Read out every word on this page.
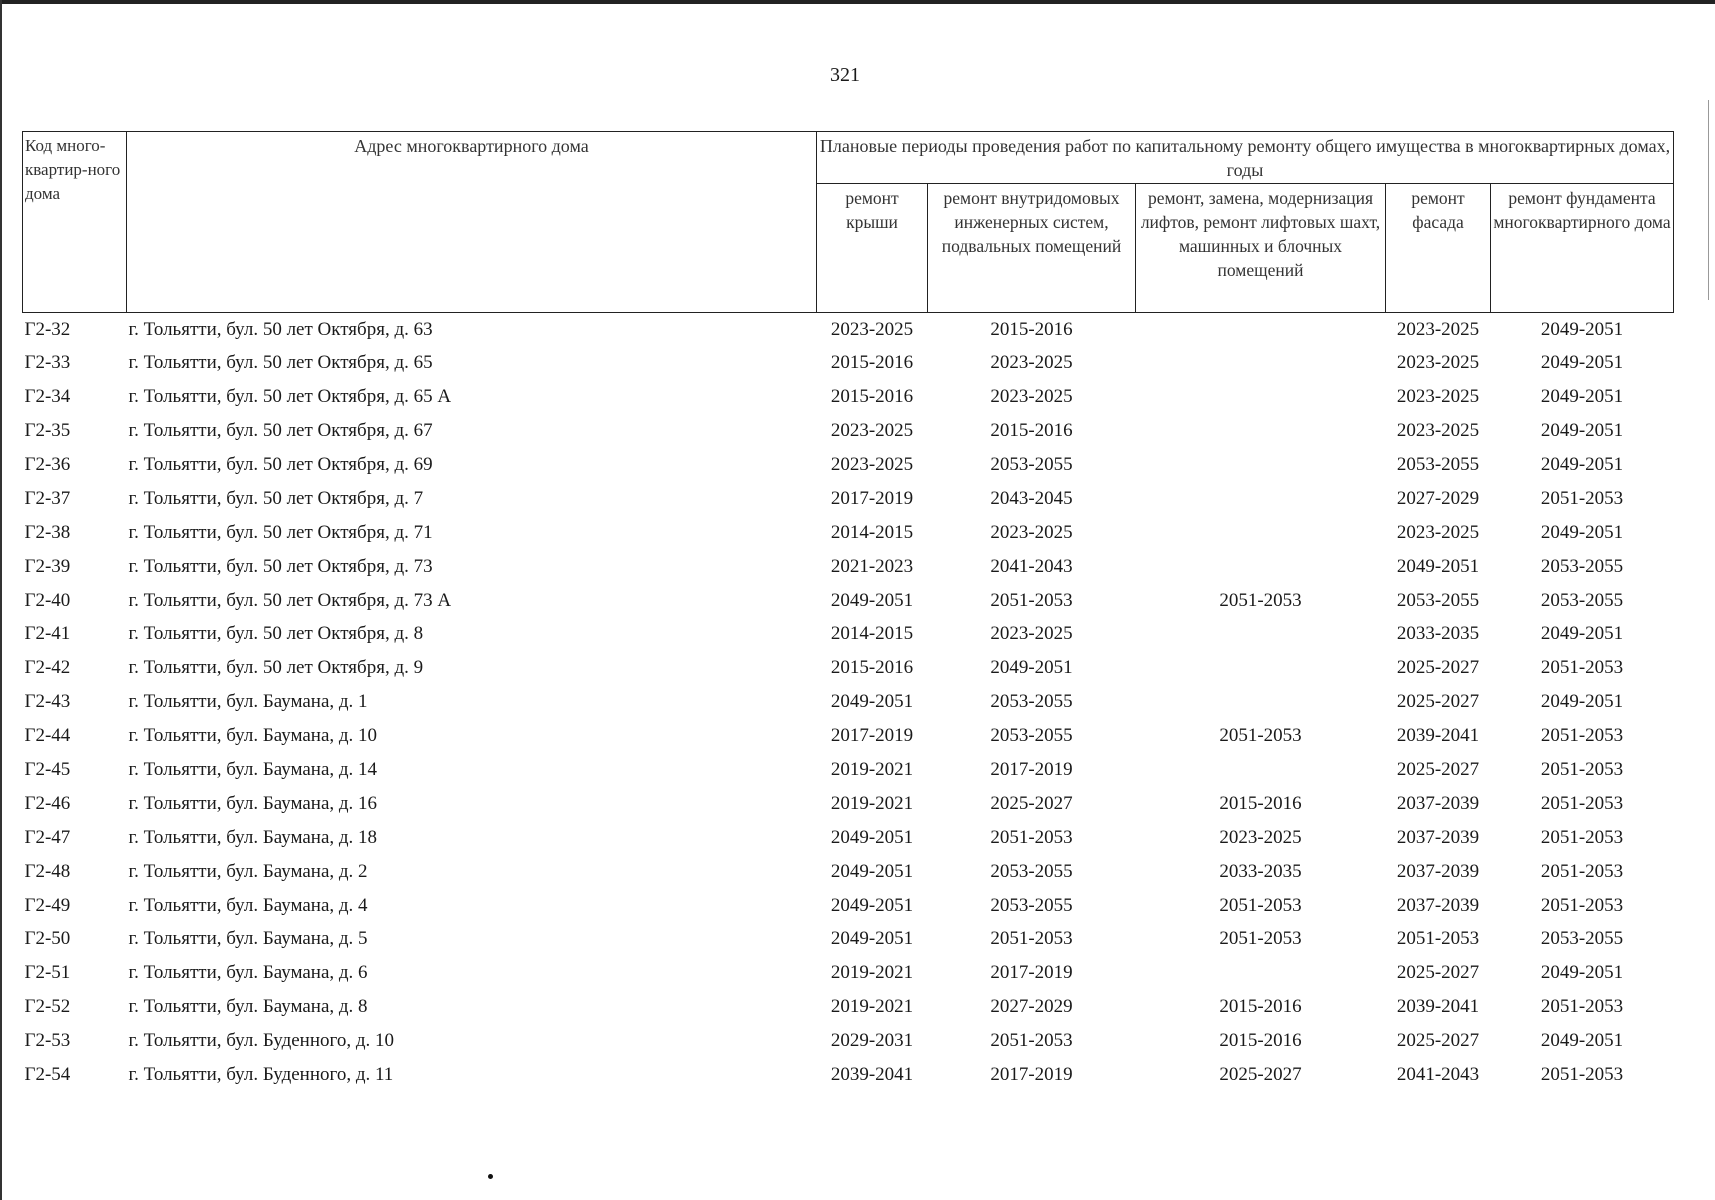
321
Код много-квартир-ного дома	Адрес многоквартирного дома	Плановые периоды проведения работ по капитальному ремонту общего имущества в многоквартирных домах, годы				
		ремонт крыши	ремонт внутридомовых инженерных систем, подвальных помещений	ремонт, замена, модернизация лифтов, ремонт лифтовых шахт, машинных и блочных помещений	ремонт фасада	ремонт фундамента многоквартирного дома
Г2-32	г. Тольятти, бул. 50 лет Октября, д. 63	2023-2025	2015-2016		2023-2025	2049-2051
Г2-33	г. Тольятти, бул. 50 лет Октября, д. 65	2015-2016	2023-2025		2023-2025	2049-2051
Г2-34	г. Тольятти, бул. 50 лет Октября, д. 65 А	2015-2016	2023-2025		2023-2025	2049-2051
Г2-35	г. Тольятти, бул. 50 лет Октября, д. 67	2023-2025	2015-2016		2023-2025	2049-2051
Г2-36	г. Тольятти, бул. 50 лет Октября, д. 69	2023-2025	2053-2055		2053-2055	2049-2051
Г2-37	г. Тольятти, бул. 50 лет Октября, д. 7	2017-2019	2043-2045		2027-2029	2051-2053
Г2-38	г. Тольятти, бул. 50 лет Октября, д. 71	2014-2015	2023-2025		2023-2025	2049-2051
Г2-39	г. Тольятти, бул. 50 лет Октября, д. 73	2021-2023	2041-2043		2049-2051	2053-2055
Г2-40	г. Тольятти, бул. 50 лет Октября, д. 73 А	2049-2051	2051-2053	2051-2053	2053-2055	2053-2055
Г2-41	г. Тольятти, бул. 50 лет Октября, д. 8	2014-2015	2023-2025		2033-2035	2049-2051
Г2-42	г. Тольятти, бул. 50 лет Октября, д. 9	2015-2016	2049-2051		2025-2027	2051-2053
Г2-43	г. Тольятти, бул. Баумана, д. 1	2049-2051	2053-2055		2025-2027	2049-2051
Г2-44	г. Тольятти, бул. Баумана, д. 10	2017-2019	2053-2055	2051-2053	2039-2041	2051-2053
Г2-45	г. Тольятти, бул. Баумана, д. 14	2019-2021	2017-2019		2025-2027	2051-2053
Г2-46	г. Тольятти, бул. Баумана, д. 16	2019-2021	2025-2027	2015-2016	2037-2039	2051-2053
Г2-47	г. Тольятти, бул. Баумана, д. 18	2049-2051	2051-2053	2023-2025	2037-2039	2051-2053
Г2-48	г. Тольятти, бул. Баумана, д. 2	2049-2051	2053-2055	2033-2035	2037-2039	2051-2053
Г2-49	г. Тольятти, бул. Баумана, д. 4	2049-2051	2053-2055	2051-2053	2037-2039	2051-2053
Г2-50	г. Тольятти, бул. Баумана, д. 5	2049-2051	2051-2053	2051-2053	2051-2053	2053-2055
Г2-51	г. Тольятти, бул. Баумана, д. 6	2019-2021	2017-2019		2025-2027	2049-2051
Г2-52	г. Тольятти, бул. Баумана, д. 8	2019-2021	2027-2029	2015-2016	2039-2041	2051-2053
Г2-53	г. Тольятти, бул. Буденного, д. 10	2029-2031	2051-2053	2015-2016	2025-2027	2049-2051
Г2-54	г. Тольятти, бул. Буденного, д. 11	2039-2041	2017-2019	2025-2027	2041-2043	2051-2053
